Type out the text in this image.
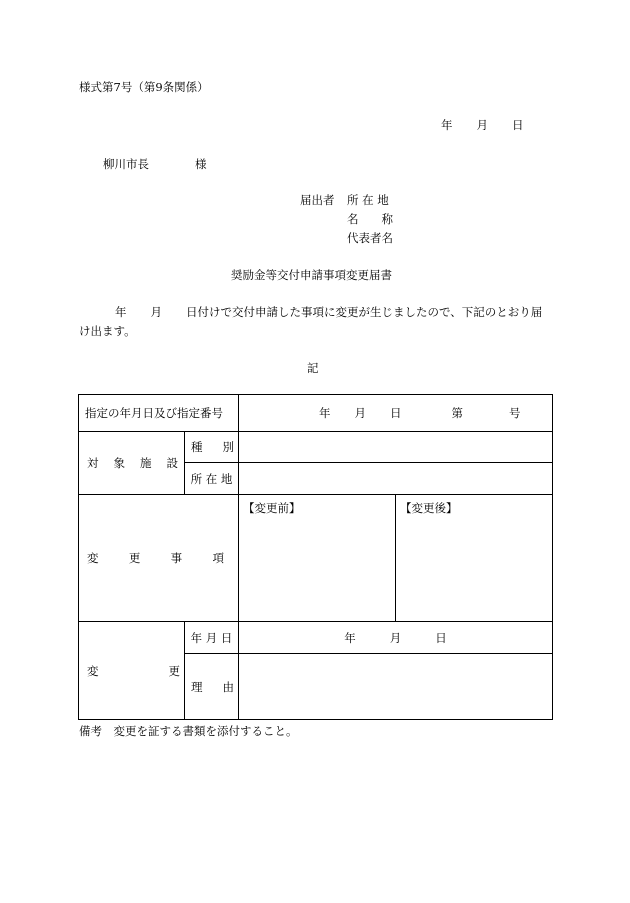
様式第7号（第9条関係）
年 月 日
柳川市長	様
届出者 所 在 地
名　　称
代表者名
奨励金等交付申請事項変更届書
年 月 日付けで交付申請した事項に変更が生じましたので、下記のとおり届
け出ます。
記
指定の年月日及び指定番号		年 月 日 第 号	

対 象 施 設	種 別		

	所 在 地		

変 更 事 項		【変更前】	【変更後】

変 更	年 月 日	年 月 日	

	理 由		

備考　変更を証する書類を添付すること。
